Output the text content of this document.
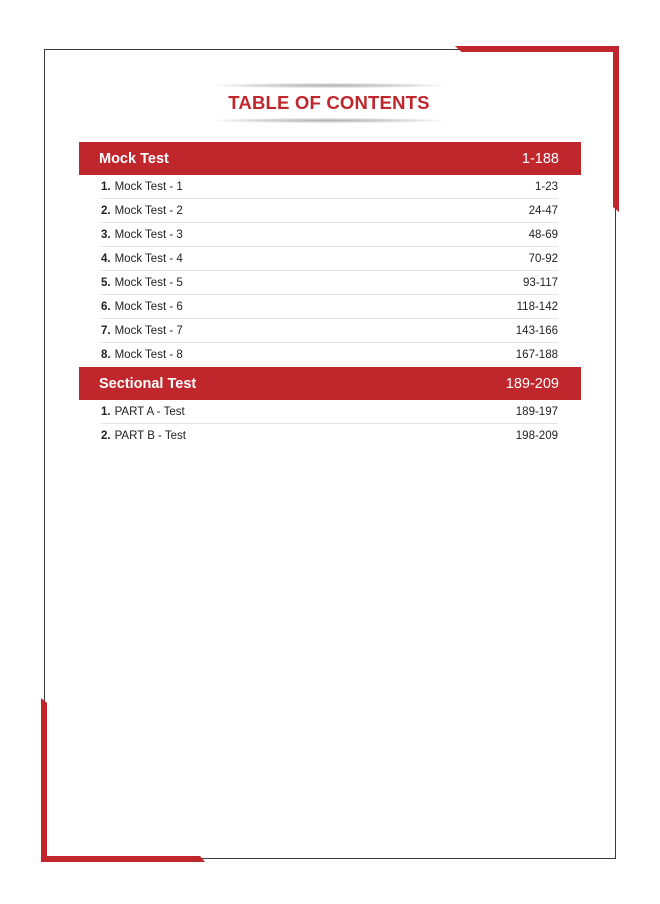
TABLE OF CONTENTS
Mock Test	1-188
1. Mock Test - 1	1-23
2. Mock Test - 2	24-47
3. Mock Test - 3	48-69
4. Mock Test - 4	70-92
5. Mock Test - 5	93-117
6. Mock Test - 6	118-142
7. Mock Test - 7	143-166
8. Mock Test - 8	167-188
Sectional Test	189-209
1. PART A - Test	189-197
2. PART B - Test	198-209
